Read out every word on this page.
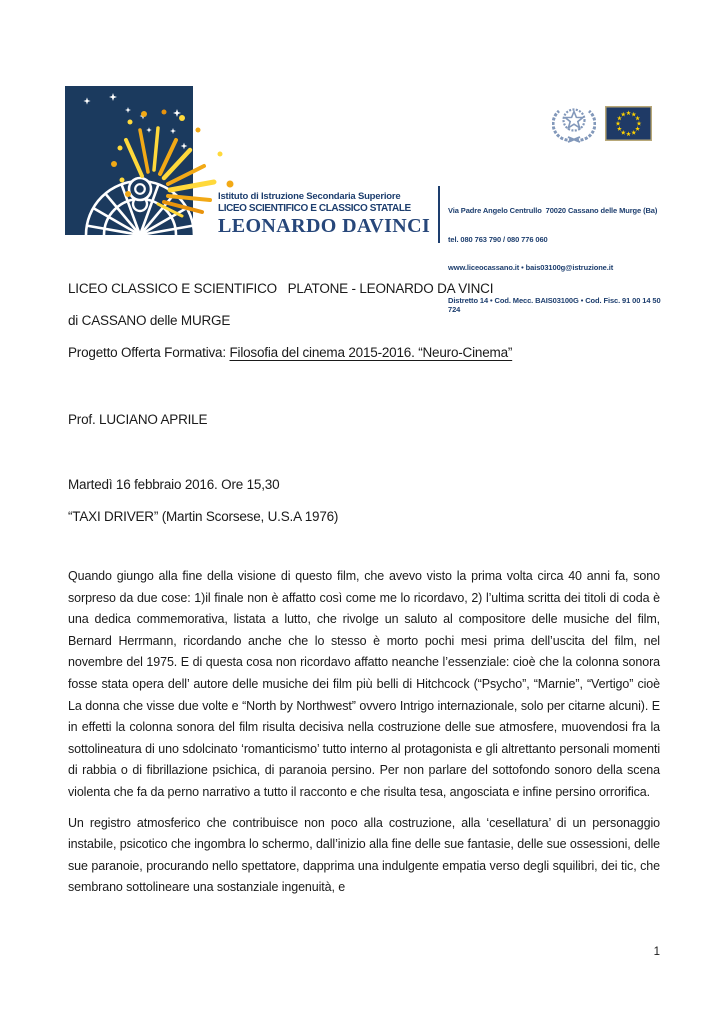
Istituto di Istruzione Secondaria Superiore
LICEO SCIENTIFICO E CLASSICO STATALE
LEONARDO DAVINCI

Via Padre Angelo Centrullo  70020 Cassano delle Murge (Ba)

tel. 080 763 790 / 080 776 060

www.liceocassano.it • bais03100g@istruzione.it

Distretto 14 • Cod. Mecc. BAIS03100G • Cod. Fisc. 91 00 14 50 724

LICEO CLASSICO E SCIENTIFICO   PLATONE - LEONARDO DA VINCI
di CASSANO delle MURGE
Progetto Offerta Formativa: Filosofia del cinema 2015-2016. “Neuro-Cinema”
Prof. LUCIANO APRILE
Martedì 16 febbraio 2016. Ore 15,30
“TAXI DRIVER” (Martin Scorsese, U.S.A 1976)
Quando giungo alla fine della visione di questo film, che avevo visto la prima volta circa 40 anni fa, sono sorpreso da due cose: 1)il finale non è affatto così come me lo ricordavo, 2) l’ultima scritta dei titoli di coda è una dedica commemorativa, listata a lutto, che rivolge un saluto al compositore delle musiche del film, Bernard Herrmann, ricordando anche che lo stesso è morto pochi mesi prima dell’uscita del film, nel novembre del 1975. E di questa cosa non ricordavo affatto neanche l’essenziale: cioè che la colonna sonora fosse stata opera dell’ autore delle musiche dei film più belli di Hitchcock (“Psycho”, “Marnie”, “Vertigo” cioè La donna che visse due volte e “North by Northwest” ovvero Intrigo internazionale, solo per citarne alcuni). E in effetti la colonna sonora del film risulta decisiva nella costruzione delle sue atmosfere, muovendosi fra la sottolineatura di uno sdolcinato ‘romanticismo’ tutto interno al protagonista e gli altrettanto personali momenti di rabbia o di fibrillazione psichica, di paranoia persino. Per non parlare del sottofondo sonoro della scena violenta che fa da perno narrativo a tutto il racconto e che risulta tesa, angosciata e infine persino orrorifica.
Un registro atmosferico che contribuisce non poco alla costruzione, alla ‘cesellatura’ di un personaggio instabile, psicotico che ingombra lo schermo, dall’inizio alla fine delle sue fantasie, delle sue ossessioni, delle sue paranoie, procurando nello spettatore, dapprima una indulgente empatia verso degli squilibri, dei tic, che sembrano sottolineare una sostanziale ingenuità, e
1
